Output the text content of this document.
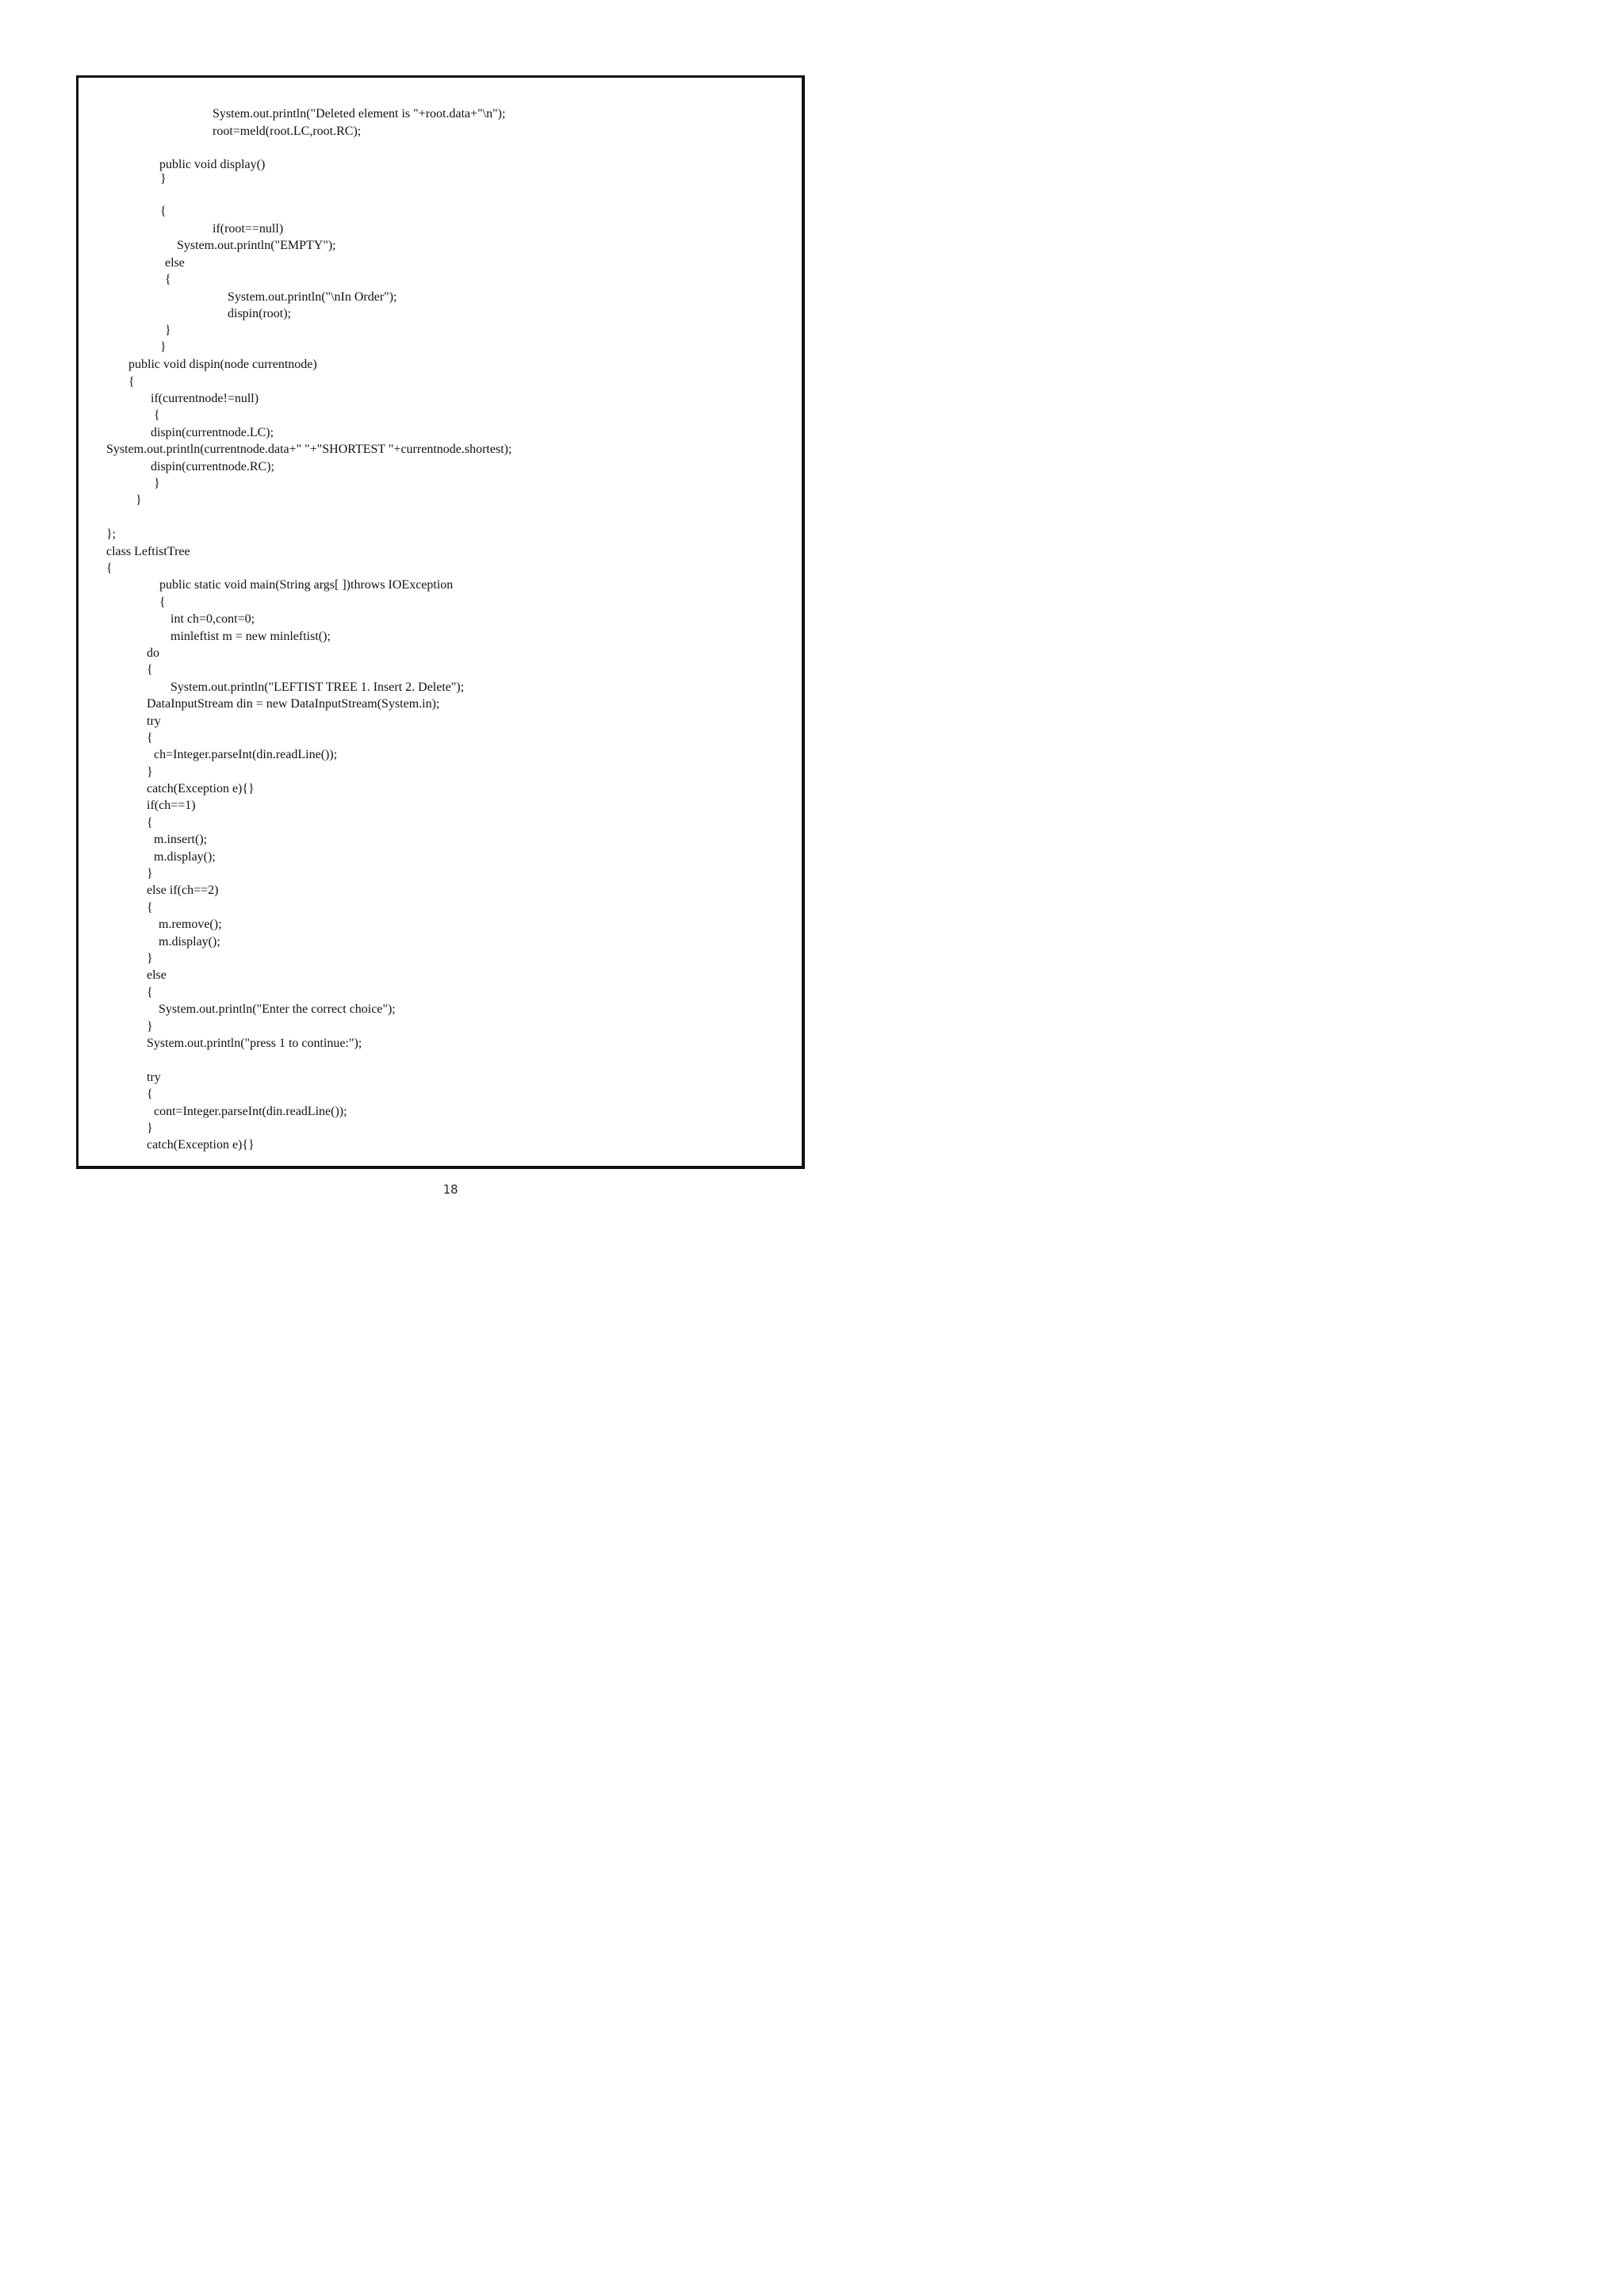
System.out.println("Deleted element is "+root.data+"\n");
root=meld(root.LC,root.RC);
public void display()
}
{
if(root==null)
System.out.println("EMPTY");
else
{
System.out.println("\nIn Order");
dispin(root);
}
}
public void dispin(node currentnode)
{
if(currentnode!=null)
{
dispin(currentnode.LC);
System.out.println(currentnode.data+" "+"SHORTEST "+currentnode.shortest);
dispin(currentnode.RC);
}
}
};
class LeftistTree
{
public static void main(String args[ ])throws IOException
{
int ch=0,cont=0;
minleftist m = new minleftist();
do
{
System.out.println("LEFTIST TREE 1. Insert 2. Delete");
DataInputStream din = new DataInputStream(System.in);
try
{
ch=Integer.parseInt(din.readLine());
}
catch(Exception e){}
if(ch==1)
{
m.insert();
m.display();
}
else if(ch==2)
{
m.remove();
m.display();
}
else
{
System.out.println("Enter the correct choice");
}
System.out.println("press 1 to continue:");
try
{
cont=Integer.parseInt(din.readLine());
}
catch(Exception e){}
18
